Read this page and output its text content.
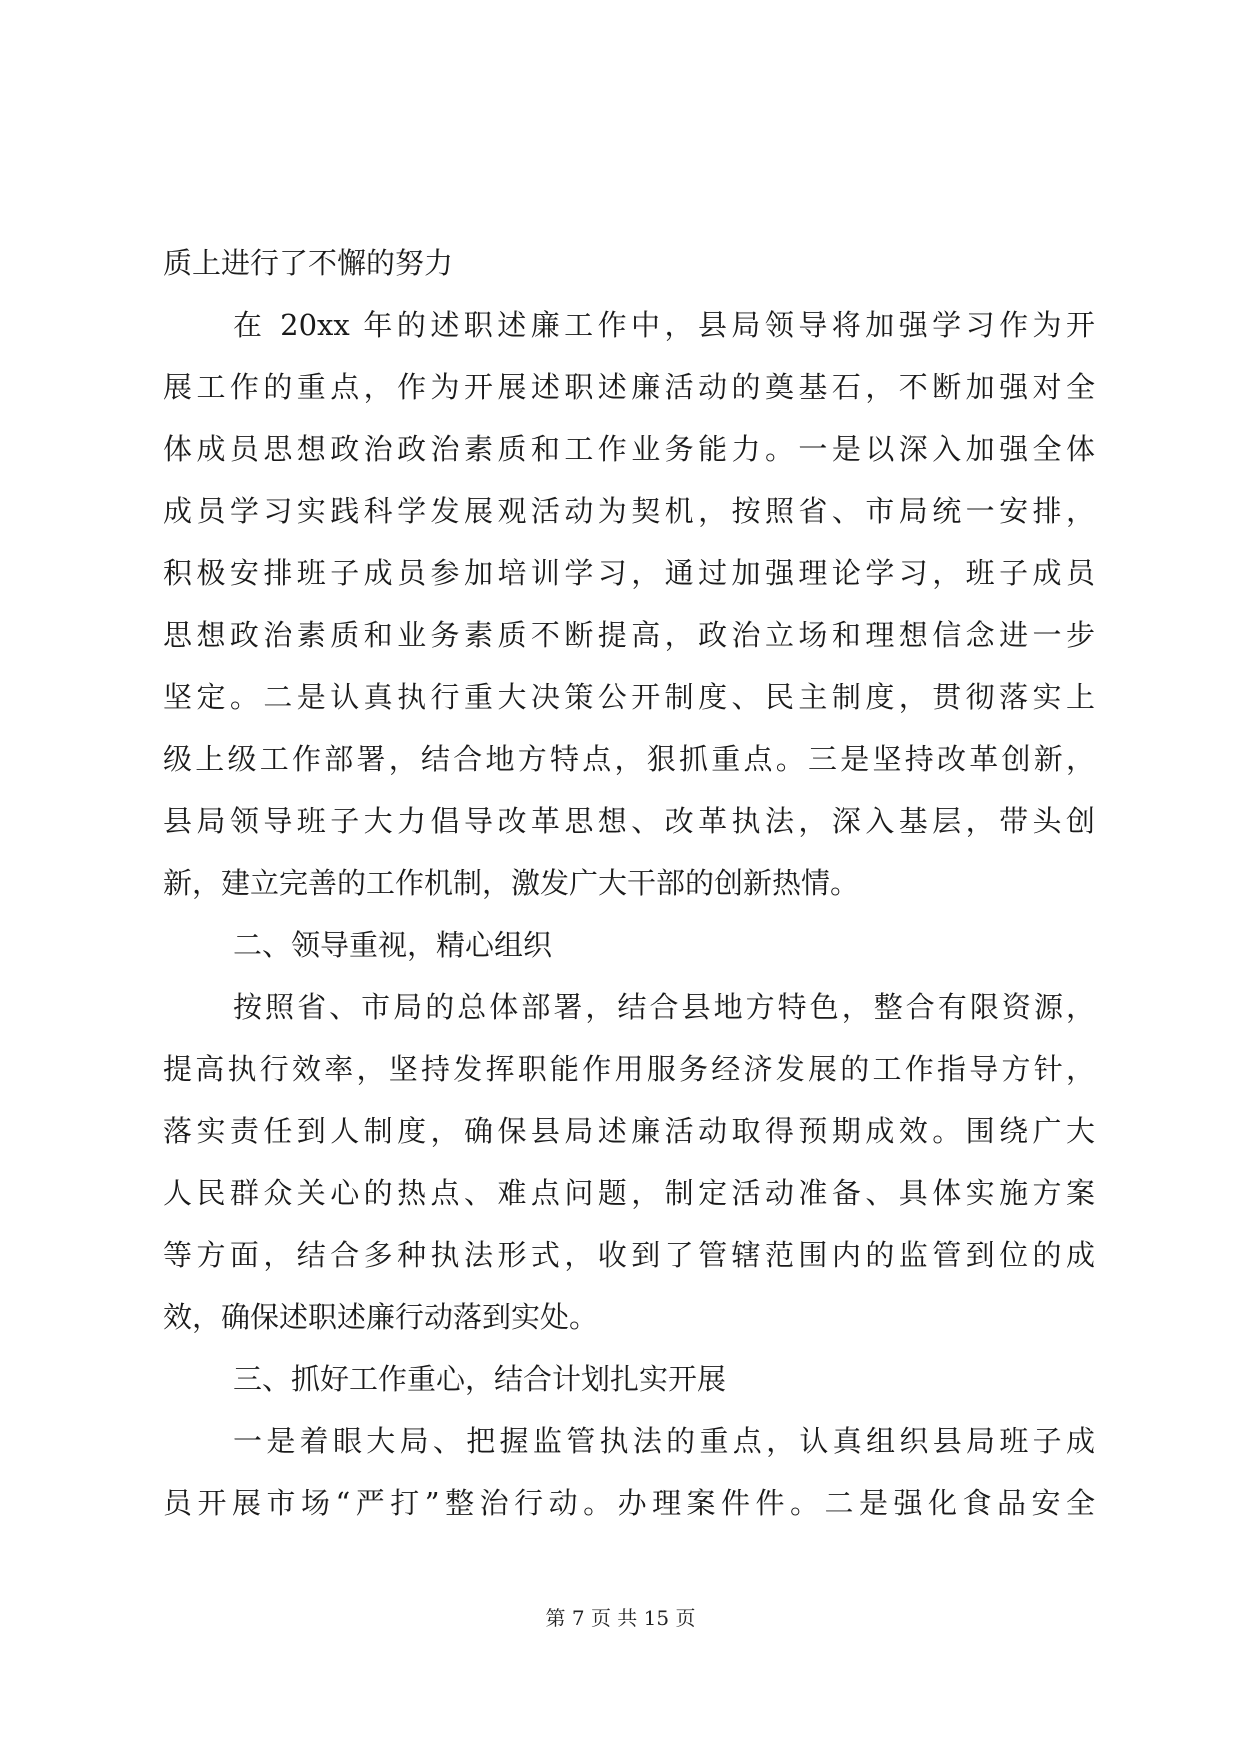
质上进行了不懈的努力
在 20xx 年的述职述廉工作中，县局领导将加强学习作为开
展工作的重点，作为开展述职述廉活动的奠基石，不断加强对全
体成员思想政治政治素质和工作业务能力。一是以深入加强全体
成员学习实践科学发展观活动为契机，按照省、市局统一安排，
积极安排班子成员参加培训学习，通过加强理论学习，班子成员
思想政治素质和业务素质不断提高，政治立场和理想信念进一步
坚定。二是认真执行重大决策公开制度、民主制度，贯彻落实上
级上级工作部署，结合地方特点，狠抓重点。三是坚持改革创新，
县局领导班子大力倡导改革思想、改革执法，深入基层，带头创
新，建立完善的工作机制，激发广大干部的创新热情。
二、领导重视，精心组织
按照省、市局的总体部署，结合县地方特色，整合有限资源，
提高执行效率，坚持发挥职能作用服务经济发展的工作指导方针，
落实责任到人制度，确保县局述廉活动取得预期成效。围绕广大
人民群众关心的热点、难点问题，制定活动准备、具体实施方案
等方面，结合多种执法形式，收到了管辖范围内的监管到位的成
效，确保述职述廉行动落到实处。
三、抓好工作重心，结合计划扎实开展
一是着眼大局、把握监管执法的重点，认真组织县局班子成
员开展市场“严打”整治行动。办理案件件。二是强化食品安全
第 7 页 共 15 页
